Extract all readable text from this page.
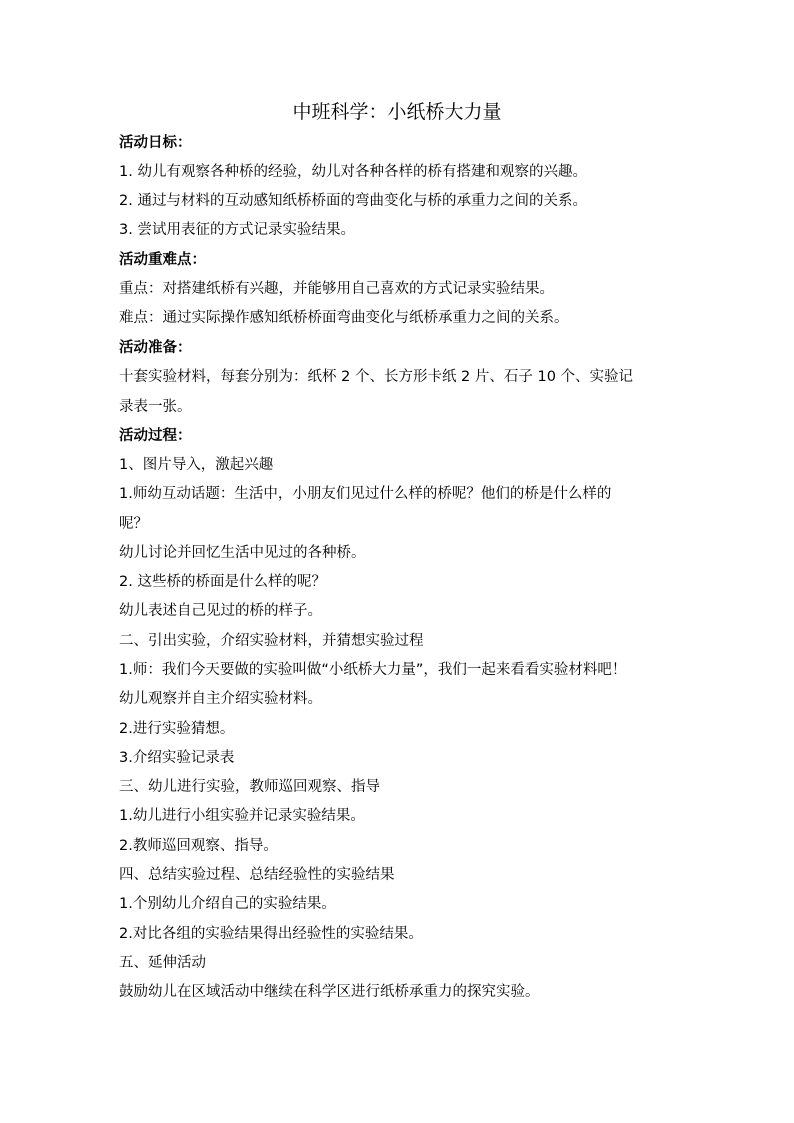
中班科学：小纸桥大力量
活动日标：
1. 幼儿有观察各种桥的经验，幼儿对各种各样的桥有搭建和观察的兴趣。
2. 通过与材料的互动感知纸桥桥面的弯曲变化与桥的承重力之间的关系。
3. 尝试用表征的方式记录实验结果。
活动重难点：
重点：对搭建纸桥有兴趣，并能够用自己喜欢的方式记录实验结果。
难点：通过实际操作感知纸桥桥面弯曲变化与纸桥承重力之间的关系。
活动准备：
十套实验材料，每套分别为：纸杯 2 个、长方形卡纸 2 片、石子 10 个、实验记
录表一张。
活动过程：
1、图片导入，激起兴趣
1.师幼互动话题：生活中，小朋友们见过什么样的桥呢？他们的桥是什么样的
呢？
幼儿讨论并回忆生活中见过的各种桥。
2. 这些桥的桥面是什么样的呢？
幼儿表述自己见过的桥的样子。
二、引出实验，介绍实验材料，并猜想实验过程
1.师：我们今天要做的实验叫做“小纸桥大力量”，我们一起来看看实验材料吧！
幼儿观察并自主介绍实验材料。
2.进行实验猜想。
3.介绍实验记录表
三、幼儿进行实验，教师巡回观察、指导
1.幼儿进行小组实验并记录实验结果。
2.教师巡回观察、指导。
四、总结实验过程、总结经验性的实验结果
1.个别幼儿介绍自己的实验结果。
2.对比各组的实验结果得出经验性的实验结果。
五、延伸活动
鼓励幼儿在区域活动中继续在科学区进行纸桥承重力的探究实验。
